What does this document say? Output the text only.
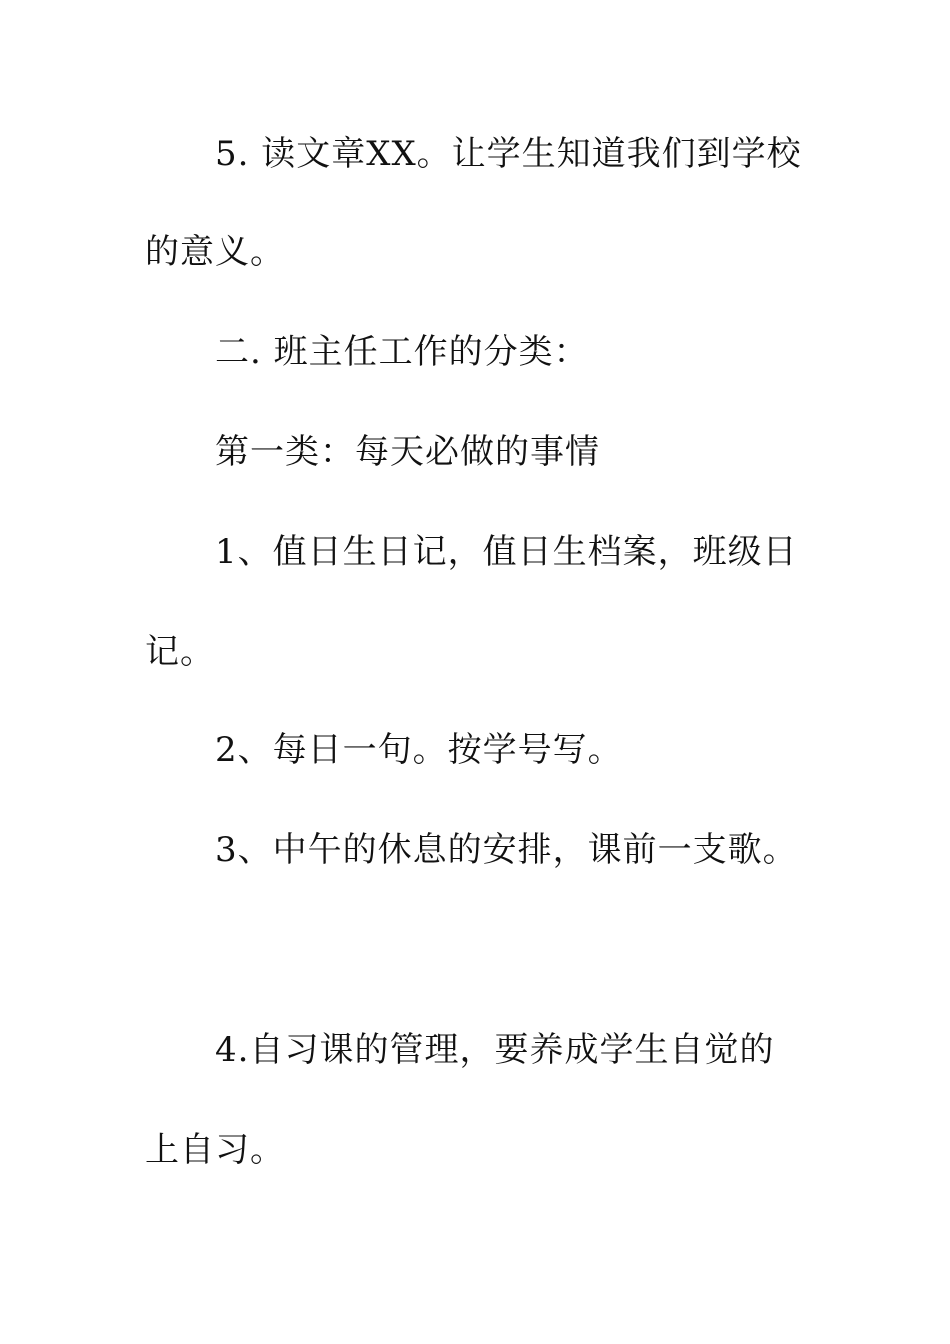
5. 读文章XX。让学生知道我们到学校

的意义。

二. 班主任工作的分类：

第一类：每天必做的事情

1、值日生日记，值日生档案，班级日

记。

2、每日一句。按学号写。

3、中午的休息的安排，课前一支歌。

4.自习课的管理，要养成学生自觉的

上自习。
